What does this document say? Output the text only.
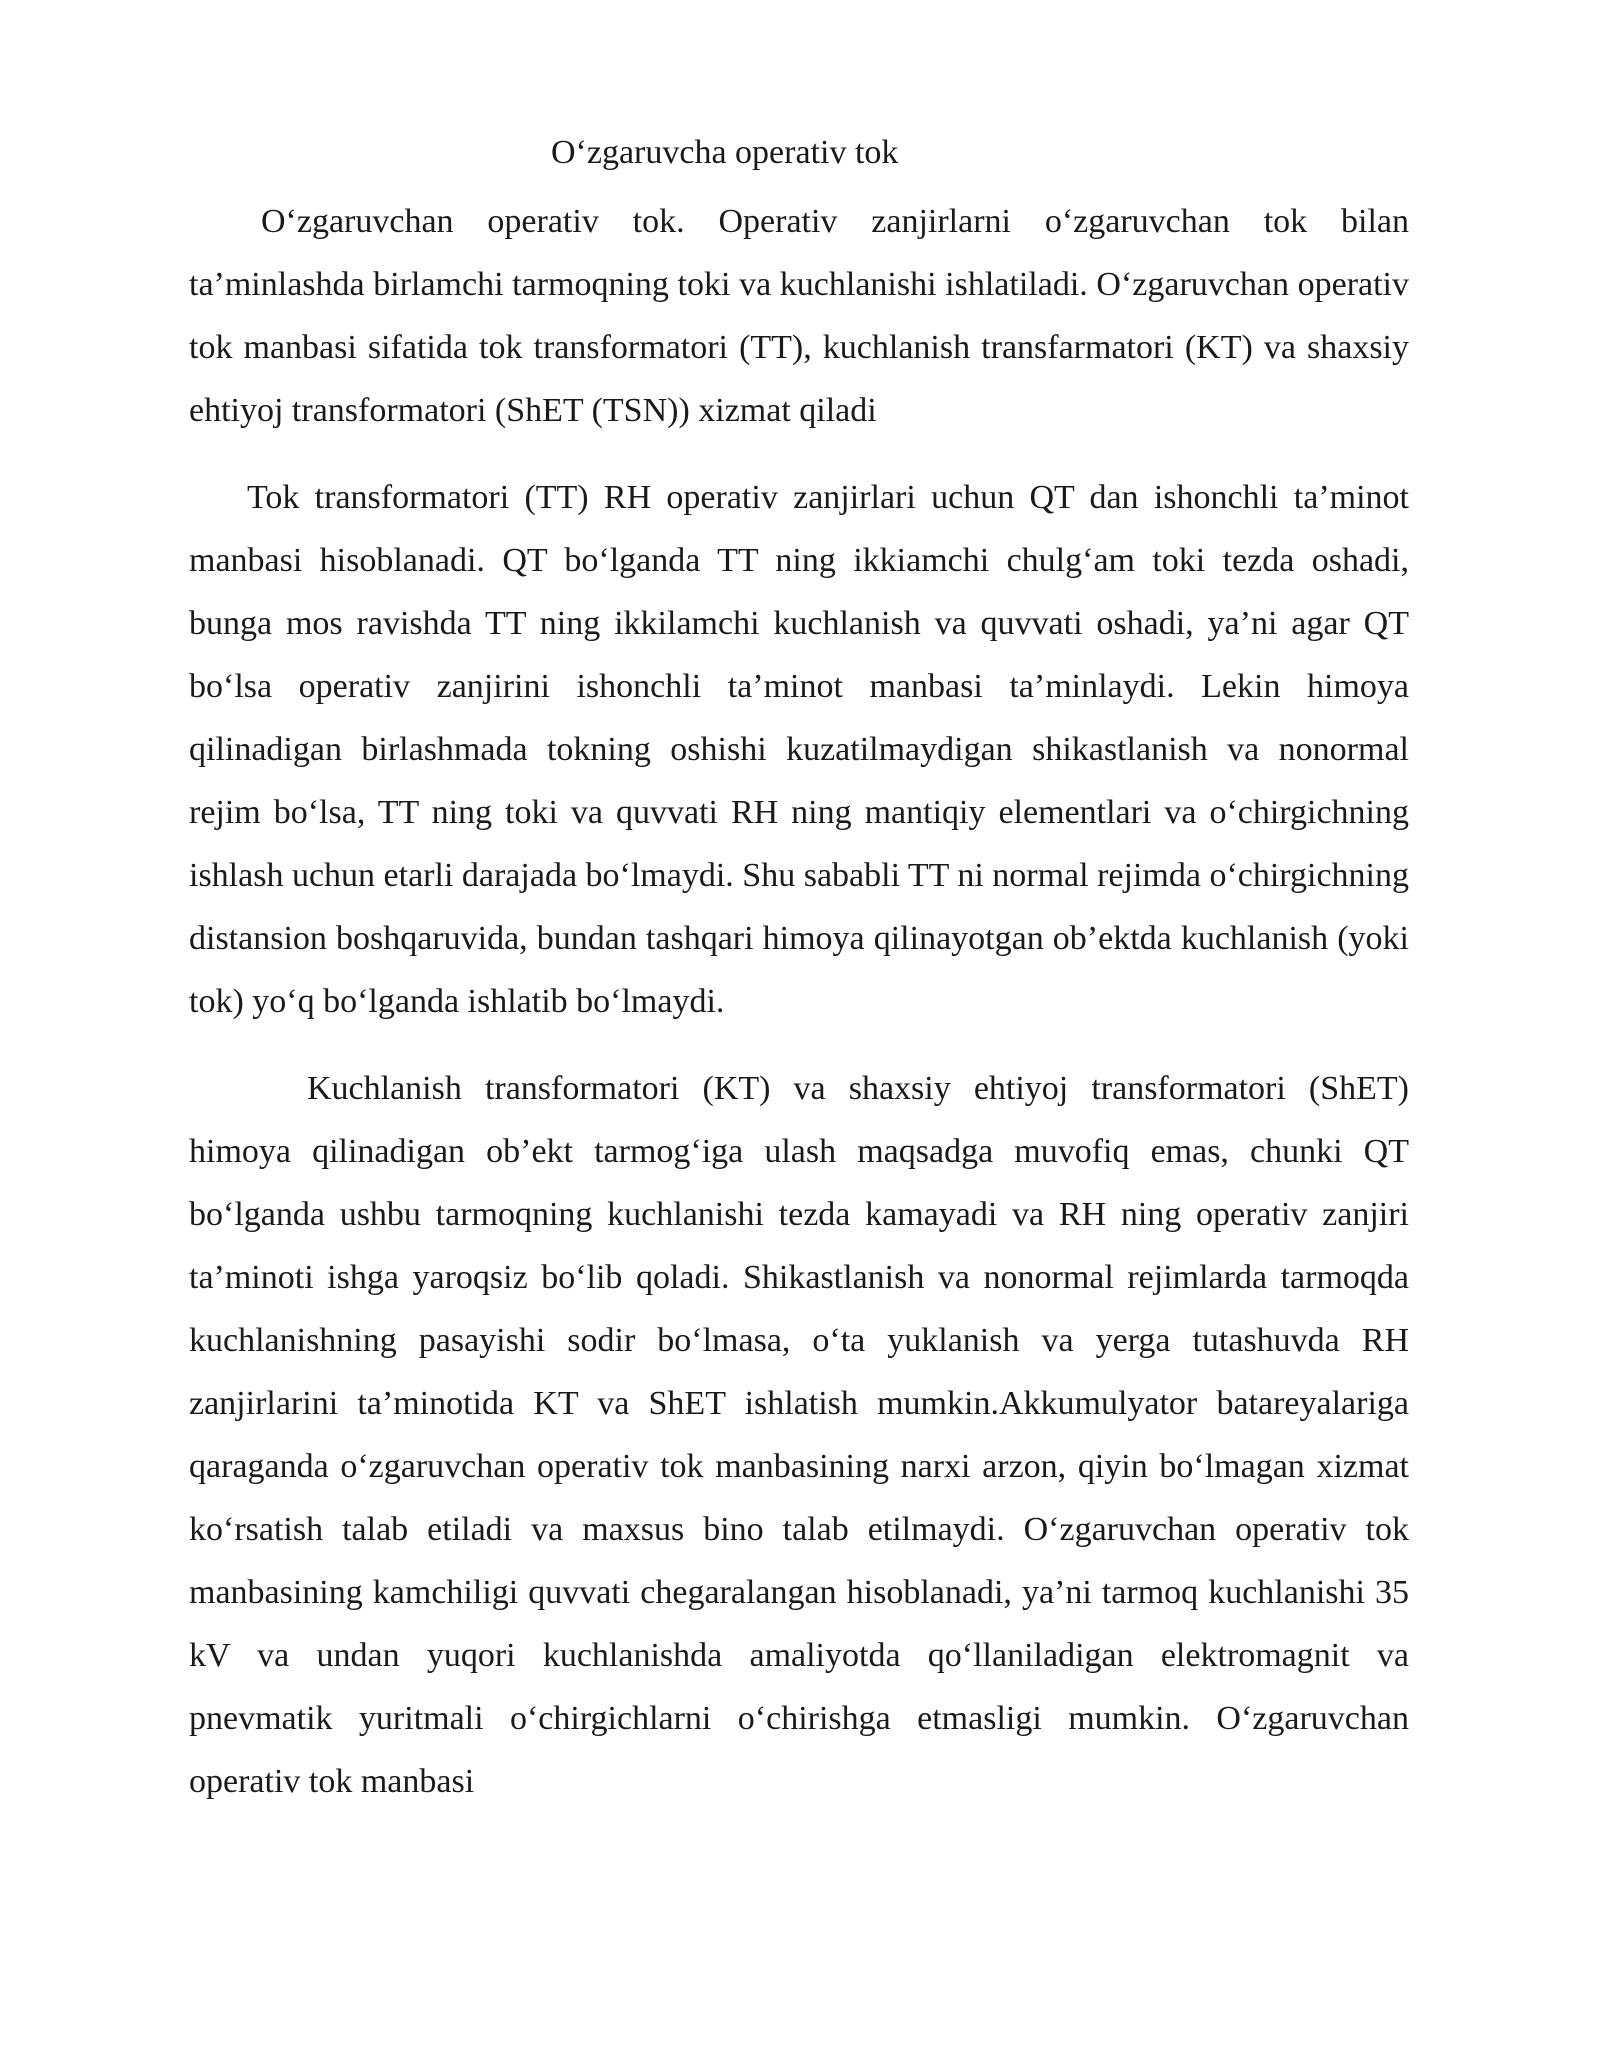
O‘zgaruvcha operativ tok

O‘zgaruvchan operativ tok. Operativ zanjirlarni o‘zgaruvchan tok bilan ta’minlashda birlamchi tarmoqning toki va kuchlanishi ishlatiladi. O‘zgaruvchan operativ tok manbasi sifatida tok transformatori (TT), kuchlanish transfarmatori (KT) va shaxsiy ehtiyoj transformatori (ShET (TSN)) xizmat qiladi

Tok transformatori (TT) RH operativ zanjirlari uchun QT dan ishonchli ta’minot manbasi hisoblanadi. QT bo‘lganda TT ning ikkiamchi chulg‘am toki tezda oshadi, bunga mos ravishda TT ning ikkilamchi kuchlanish va quvvati oshadi, ya’ni agar QT bo‘lsa operativ zanjirini ishonchli ta’minot manbasi ta’minlaydi. Lekin himoya qilinadigan birlashmada tokning oshishi kuzatilmaydigan shikastlanish va nonormal rejim bo‘lsa, TT ning toki va quvvati RH ning mantiqiy elementlari va o‘chirgichning ishlash uchun etarli darajada bo‘lmaydi. Shu sababli TT ni normal rejimda o‘chirgichning distansion boshqaruvida, bundan tashqari himoya qilinayotgan ob’ektda kuchlanish (yoki tok) yo‘q bo‘lganda ishlatib bo‘lmaydi.

Kuchlanish transformatori (KT) va shaxsiy ehtiyoj transformatori (ShET) himoya qilinadigan ob’ekt tarmog‘iga ulash maqsadga muvofiq emas, chunki QT bo‘lganda ushbu tarmoqning kuchlanishi tezda kamayadi va RH ning operativ zanjiri ta’minoti ishga yaroqsiz bo‘lib qoladi. Shikastlanish va nonormal rejimlarda tarmoqda kuchlanishning pasayishi sodir bo‘lmasa, o‘ta yuklanish va yerga tutashuvda RH zanjirlarini ta’minotida KT va ShET ishlatish mumkin.Akkumulyator batareyalariga qaraganda o‘zgaruvchan operativ tok manbasining narxi arzon, qiyin bo‘lmagan xizmat ko‘rsatish talab etiladi va maxsus bino talab etilmaydi. O‘zgaruvchan operativ tok manbasining kamchiligi quvvati chegaralangan hisoblanadi, ya’ni tarmoq kuchlanishi 35 kV va undan yuqori kuchlanishda amaliyotda qo‘llaniladigan elektromagnit va pnevmatik yuritmali o‘chirgichlarni o‘chirishga etmasligi mumkin. O‘zgaruvchan operativ tok manbasi
